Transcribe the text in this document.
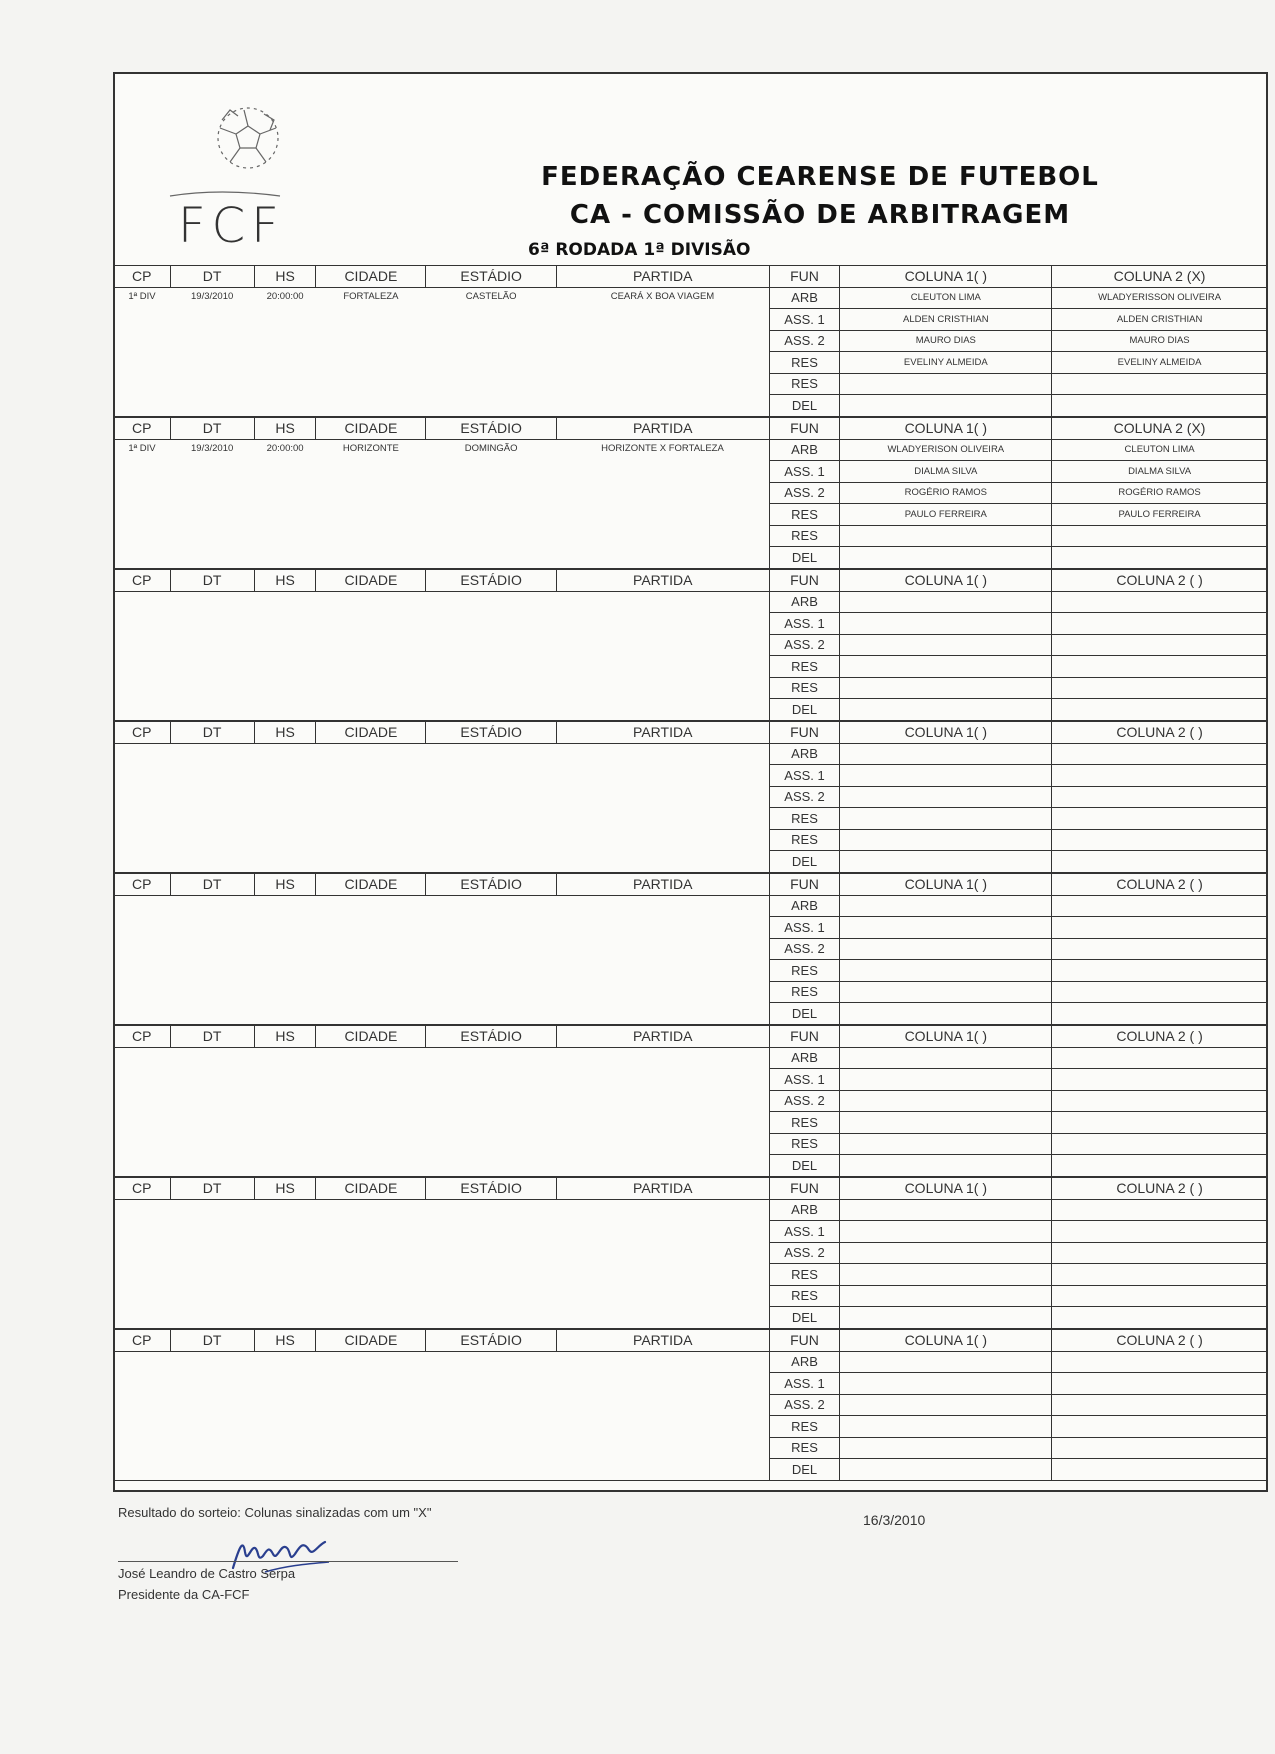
FCF
FEDERAÇÃO CEARENSE DE FUTEBOL
CA - COMISSÃO DE ARBITRAGEM
6ª RODADA 1ª DIVISÃO
CP	DT	HS	CIDADE	ESTÁDIO	PARTIDA	FUN	COLUNA 1( )	COLUNA 2 (X)
1ª DIV	19/3/2010	20:00:00	FORTALEZA	CASTELÃO	CEARÁ X BOA VIAGEM	ARB	CLEUTON LIMA	WLADYERISSON OLIVEIRA
						ASS. 1	ALDEN CRISTHIAN	ALDEN CRISTHIAN
						ASS. 2	MAURO DIAS	MAURO DIAS
						RES	EVELINY ALMEIDA	EVELINY ALMEIDA
						RES		
						DEL		
CP	DT	HS	CIDADE	ESTÁDIO	PARTIDA	FUN	COLUNA 1( )	COLUNA 2 (X)
1ª DIV	19/3/2010	20:00:00	HORIZONTE	DOMINGÃO	HORIZONTE X FORTALEZA	ARB	WLADYERISON OLIVEIRA	CLEUTON LIMA
						ASS. 1	DIALMA SILVA	DIALMA SILVA
						ASS. 2	ROGÉRIO RAMOS	ROGÉRIO RAMOS
						RES	PAULO FERREIRA	PAULO FERREIRA
						RES		
						DEL		
CP	DT	HS	CIDADE	ESTÁDIO	PARTIDA	FUN	COLUNA 1( )	COLUNA 2 ( )
						ARB		
						ASS. 1		
						ASS. 2		
						RES		
						RES		
						DEL		
CP	DT	HS	CIDADE	ESTÁDIO	PARTIDA	FUN	COLUNA 1( )	COLUNA 2 ( )
						ARB		
						ASS. 1		
						ASS. 2		
						RES		
						RES		
						DEL		
CP	DT	HS	CIDADE	ESTÁDIO	PARTIDA	FUN	COLUNA 1( )	COLUNA 2 ( )
						ARB		
						ASS. 1		
						ASS. 2		
						RES		
						RES		
						DEL		
CP	DT	HS	CIDADE	ESTÁDIO	PARTIDA	FUN	COLUNA 1( )	COLUNA 2 ( )
						ARB		
						ASS. 1		
						ASS. 2		
						RES		
						RES		
						DEL		
CP	DT	HS	CIDADE	ESTÁDIO	PARTIDA	FUN	COLUNA 1( )	COLUNA 2 ( )
						ARB		
						ASS. 1		
						ASS. 2		
						RES		
						RES		
						DEL		
CP	DT	HS	CIDADE	ESTÁDIO	PARTIDA	FUN	COLUNA 1( )	COLUNA 2 ( )
						ARB		
						ASS. 1		
						ASS. 2		
						RES		
						RES		
						DEL		
Resultado do sorteio: Colunas sinalizadas com um "X"	16/3/2010
José Leandro de Castro Serpa
Presidente da CA-FCF
